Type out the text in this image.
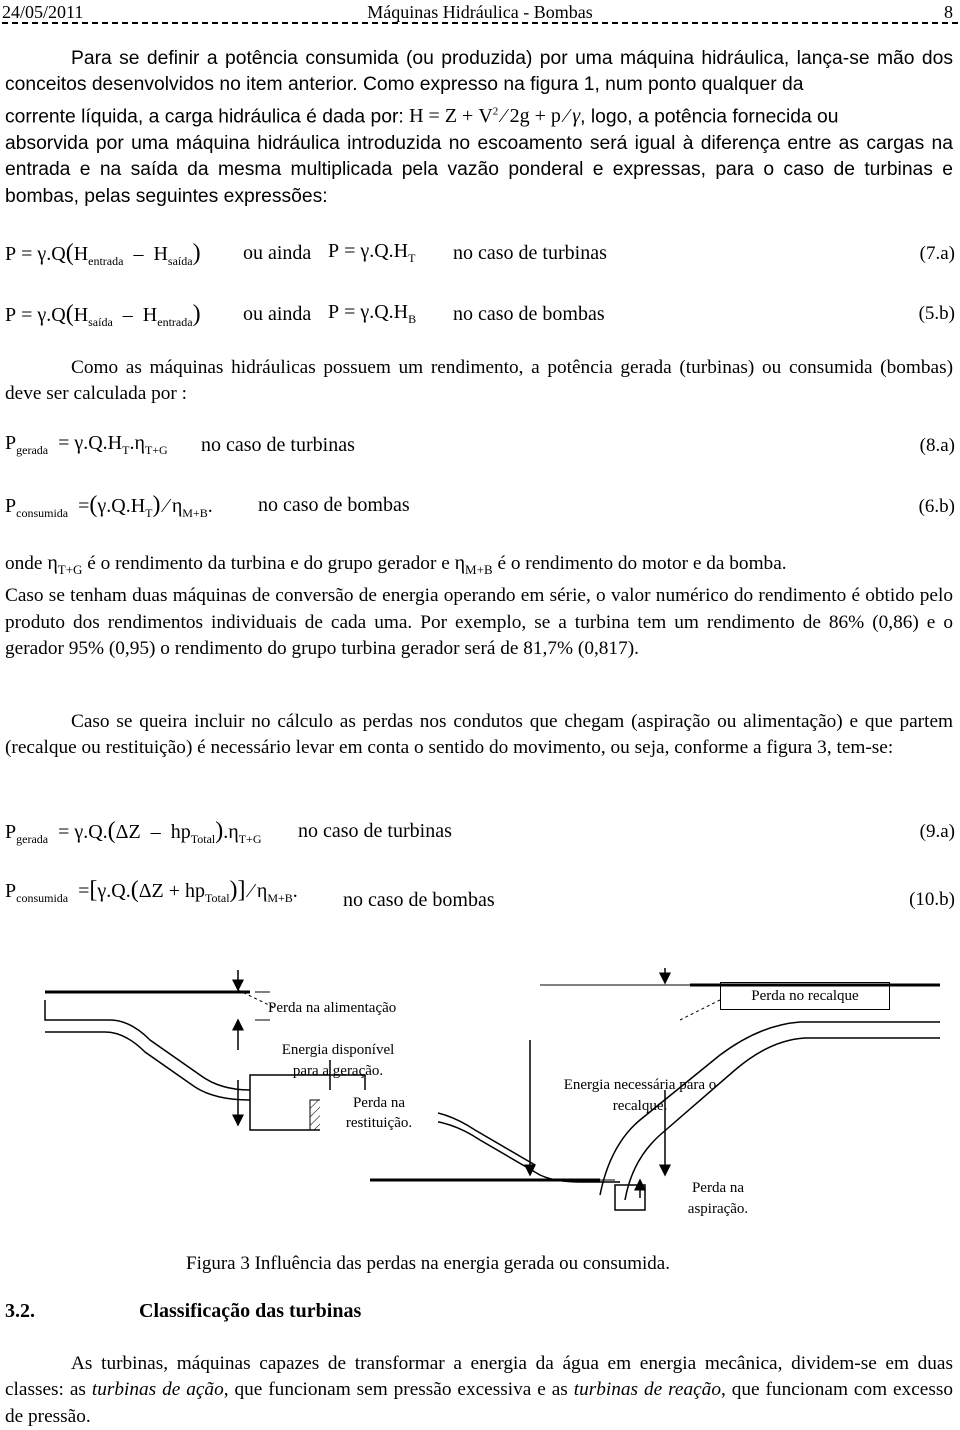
24/05/2011	Máquinas Hidráulica - Bombas	8

Para se definir a potência consumida (ou produzida) por uma máquina hidráulica, lança-se mão dos conceitos desenvolvidos no item anterior. Como expresso na figura 1, num ponto qualquer da

corrente líquida, a carga hidráulica é dada por: $H = Z + V^2$ ⁄ 2g + p ⁄ γ, logo, a potência fornecida ou

absorvida por uma máquina hidráulica introduzida no escoamento será igual à diferença entre as cargas na entrada e na saída da mesma multiplicada pela vazão ponderal e expressas, para o caso de turbinas e bombas, pelas seguintes expressões:

$P = \gamma.Q(H_{entrada} - H_{saída})$ ou ainda $P = \gamma.Q.H_T$ no caso de turbinas	(7.a)
$P = \gamma.Q(H_{saída} - H_{entrada})$ ou ainda $P = \gamma.Q.H_B$ no caso de bombas	(5.b)

Como as máquinas hidráulicas possuem um rendimento, a potência gerada (turbinas) ou consumida (bombas) deve ser calculada por :

$P_{gerada} = \gamma.Q.H_T.\eta_{T+G}$ no caso de turbinas	(8.a)
$P_{consumida} =(\gamma.Q.H_T)$ ⁄ $\eta_{M+B}$. no caso de bombas	(6.b)

onde $\eta_{T+G}$ é o rendimento da turbina e do grupo gerador e $\eta_{M+B}$ é o rendimento do motor e da bomba.

Caso se tenham duas máquinas de conversão de energia operando em série, o valor numérico do rendimento é obtido pelo produto dos rendimentos individuais de cada uma. Por exemplo, se a turbina tem um rendimento de 86% (0,86) e o gerador 95% (0,95) o rendimento do grupo turbina gerador será de 81,7% (0,817).

Caso se queira incluir no cálculo as perdas nos condutos que chegam (aspiração ou alimentação) e que partem (recalque ou restituição) é necessário levar em conta o sentido do movimento, ou seja, conforme a figura 3, tem-se:

$P_{gerada} = \gamma.Q.(\Delta Z - hp_{Total}).\eta_{T+G}$ no caso de turbinas	(9.a)
$P_{consumida} =[\gamma.Q.(\Delta Z + hp_{Total})]$ ⁄ $\eta_{M+B}$. no caso de bombas	(10.b)
Perda na alimentação
Energia disponível para a geração.
Perda na restituição.
Perda no recalque
Energia necessária para o recalque.
Perda na aspiração.
Figura 3 Influência das perdas na energia gerada ou consumida.
3.2.	Classificação das turbinas

As turbinas, máquinas capazes de transformar a energia da água em energia mecânica, dividem-se em duas classes: as turbinas de ação, que funcionam sem pressão excessiva e as turbinas de reação, que funcionam com excesso de pressão.
